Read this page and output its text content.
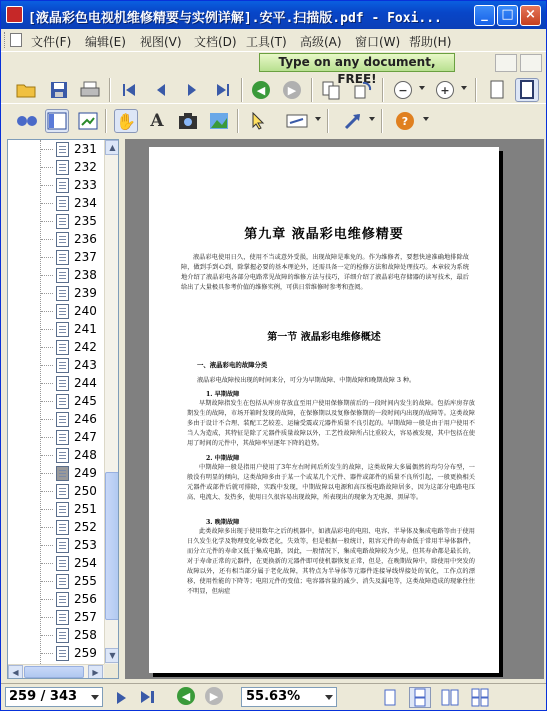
[液晶彩色电视机维修精要与实例详解].安平.扫描版.pdf - Foxi...	_	□ ×
文件(F) 编辑(E) 视图(V) 文档(D) 工具(T) 高级(A) 窗口(W) 帮助(H)
Type on any document, FREE!
◀	▶	−	+
✋ A	?
231
232
233
234
235
236
237
238
239
240
241
242
243
244
245
246
247
248
249
250
251
252
253
254
255
256
257
258
259
▲
▼
◀	▶
第九章 液晶彩电维修精要
液晶彩电使用日久，使用不当或意外受损，出现故障是难免的。作为维修者，要想快速准确地排除故障，做到手到心到，除掌握必要的基本理论外，还需具备一定的检修方法和故障处理技巧。本章较为系统地介绍了液晶彩电各部分电路常见故障的维修方法与技巧，详细介绍了液晶彩电存储器的读写技术，最后给出了大量极具参考价值的维修实例，可供日常维修时参考和查阅。
第一节 液晶彩电维修概述
一、液晶彩电的故障分类
液晶彩电故障按出现的时间来分，可分为早期故障、中期故障和晚期故障 3 种。
1. 早期故障
早期故障指发生在包括从库房存放直至用户使用保修期前后的一段时间内发生的故障。包括库房存放期发生的故障，市场开箱时发现的故障，在保修期以及复修保修期的一段时间内出现的故障等。这类故障多由于设计不合理、装配工艺较差、运输受震或元器件质量不良引起的。早期故障一般是由于用户使用不当人为造成，其特征是除了元器件质量故障以外，工艺性故障所占比重较大，容易被发现，其中包括在使用了时间的元件中，其故障率呈逐年下降的趋势。
2. 中期故障
中期故障一般是指用户使用了3年左右时间后所发生的故障，这类故障大多属偶然的均匀分布型，一般没有明显的倾向，这类故障多由于某一个或某几个元件、器件或部件的质量不良所引起，一般更换相关元器件或部件后就可排除，实践中发现，中期故障以电源和高压板电路故障居多，因为这部分电路电压高、电流大、发热多，使用日久很容易出现故障，所表现出的现象为无电源、黑屏等。
3. 晚期故障
此类故障多出现于使用数年之后的机器中，如液晶彩电的电阻、电容、半导体及集成电路等由于使用日久发生化学及物理变化导致老化，失效等，但是根据一般统计，阻容元件的寿命低于常用半导体器件，而分立元件的寿命又低于集成电路，因此，一般情况下，集成电路故障较为少见，但其寿命都是最长的，对于寿命正常的元器件，在更换新的元器件即可使机器恢复正常，但是，在晚期故障中，除使用中突发的故障以外，还有相当部分属于老化故障，其特点为半导体等元器件连接导线焊接处的氧化，工作点的漂移，使用性能的下降等；电阻元件的变值；电容器容量的减少、消失及漏电等，这类故障造成的现象往往不明显，但病症
259 / 343	◀	▶	55.63%
